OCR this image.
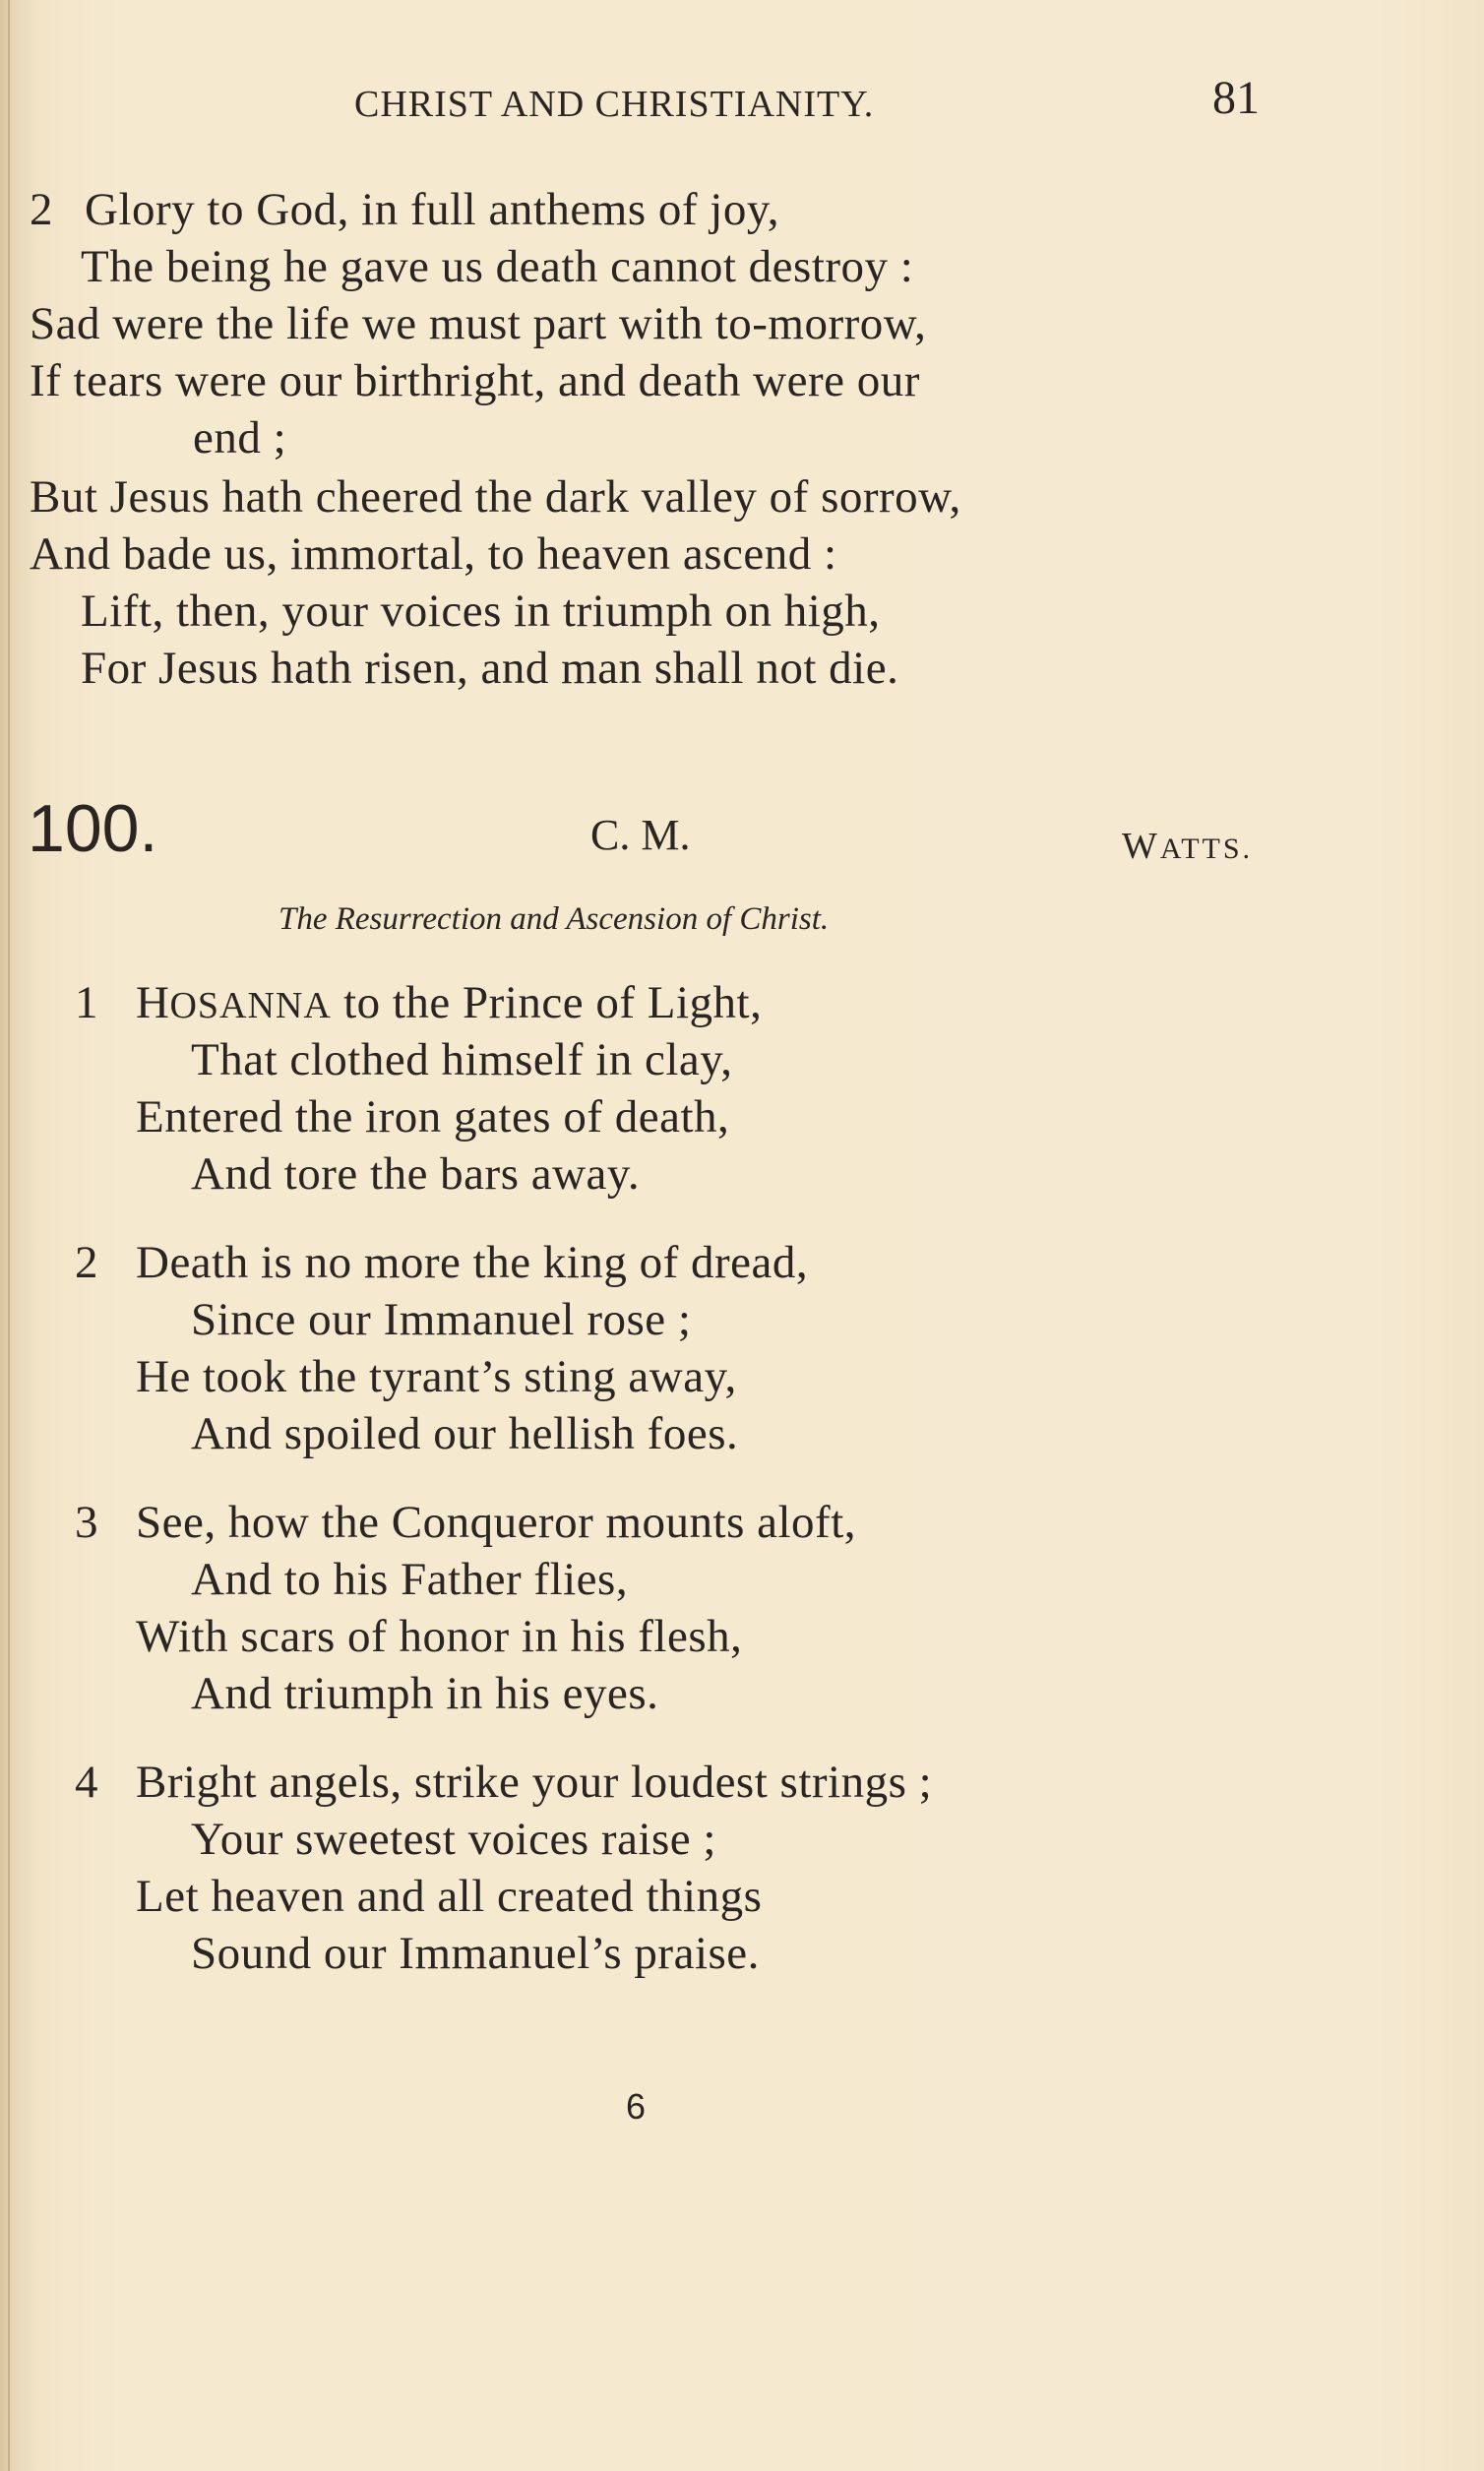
CHRIST AND CHRISTIANITY.	81
2 Glory to God, in full anthems of joy,
The being he gave us death cannot destroy :
Sad were the life we must part with to-morrow,
If tears were our birthright, and death were our
end ;
But Jesus hath cheered the dark valley of sorrow,
And bade us, immortal, to heaven ascend :
Lift, then, your voices in triumph on high,
For Jesus hath risen, and man shall not die.
100.	C. M.	WATTS.
The Resurrection and Ascension of Christ.
1 HOSANNA to the Prince of Light,
That clothed himself in clay,
Entered the iron gates of death,
And tore the bars away.
2 Death is no more the king of dread,
Since our Immanuel rose ;
He took the tyrant’s sting away,
And spoiled our hellish foes.
3 See, how the Conqueror mounts aloft,
And to his Father flies,
With scars of honor in his flesh,
And triumph in his eyes.
4 Bright angels, strike your loudest strings ;
Your sweetest voices raise ;
Let heaven and all created things
Sound our Immanuel’s praise.
6
